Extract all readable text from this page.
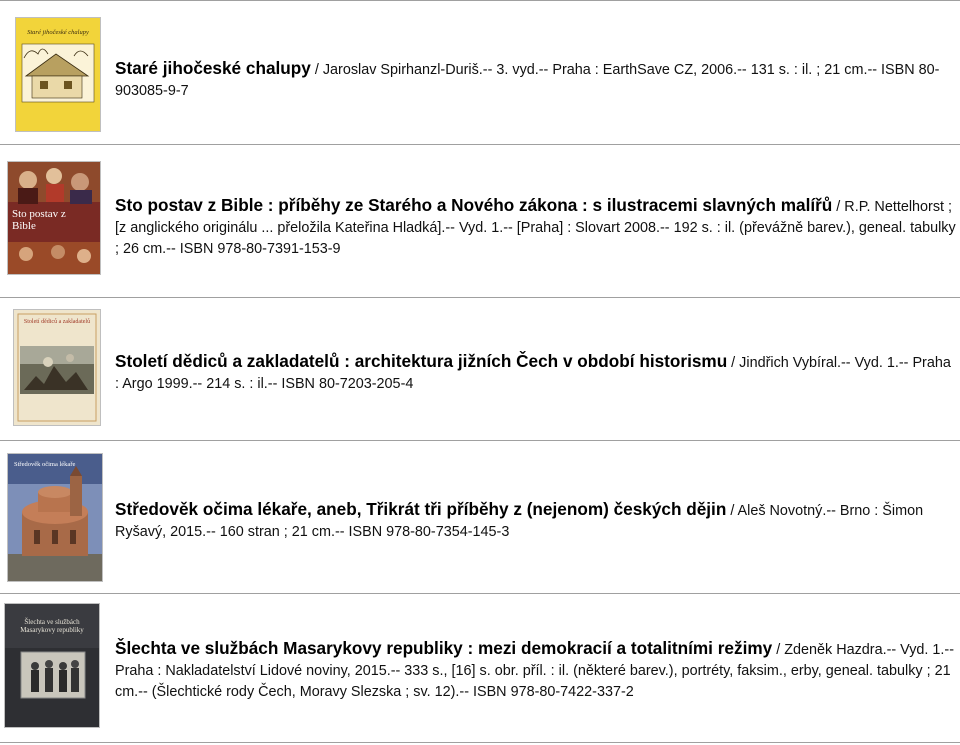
Staré jihočeské chalupy
Staré jihočeské chalupy / Jaroslav Spirhanzl-Duriš.-- 3. vyd.-- Praha : EarthSave CZ, 2006.-- 131 s. : il. ; 21 cm.-- ISBN 80-903085-9-7
Sto postav z Bible
Sto postav z Bible : příběhy ze Starého a Nového zákona : s ilustracemi slavných malířů / R.P. Nettelhorst ; [z anglického originálu ... přeložila Kateřina Hladká].-- Vyd. 1.-- [Praha] : Slovart 2008.-- 192 s. : il. (převážně barev.), geneal. tabulky ; 26 cm.-- ISBN 978-80-7391-153-9
Století dědiců a zakladatelů
Století dědiců a zakladatelů : architektura jižních Čech v období historismu / Jindřich Vybíral.-- Vyd. 1.-- Praha : Argo 1999.-- 214 s. : il.-- ISBN 80-7203-205-4
Středověk očima lékaře
Středověk očima lékaře, aneb, Třikrát tři příběhy z (nejenom) českých dějin / Aleš Novotný.-- Brno : Šimon Ryšavý, 2015.-- 160 stran ; 21 cm.-- ISBN 978-80-7354-145-3
Šlechta ve službách Masarykovy republiky
Šlechta ve službách Masarykovy republiky : mezi demokracií a totalitními režimy / Zdeněk Hazdra.-- Vyd. 1.-- Praha : Nakladatelství Lidové noviny, 2015.-- 333 s., [16] s. obr. příl. : il. (některé barev.), portréty, faksim., erby, geneal. tabulky ; 21 cm.-- (Šlechtické rody Čech, Moravy Slezska ; sv. 12).-- ISBN 978-80-7422-337-2
